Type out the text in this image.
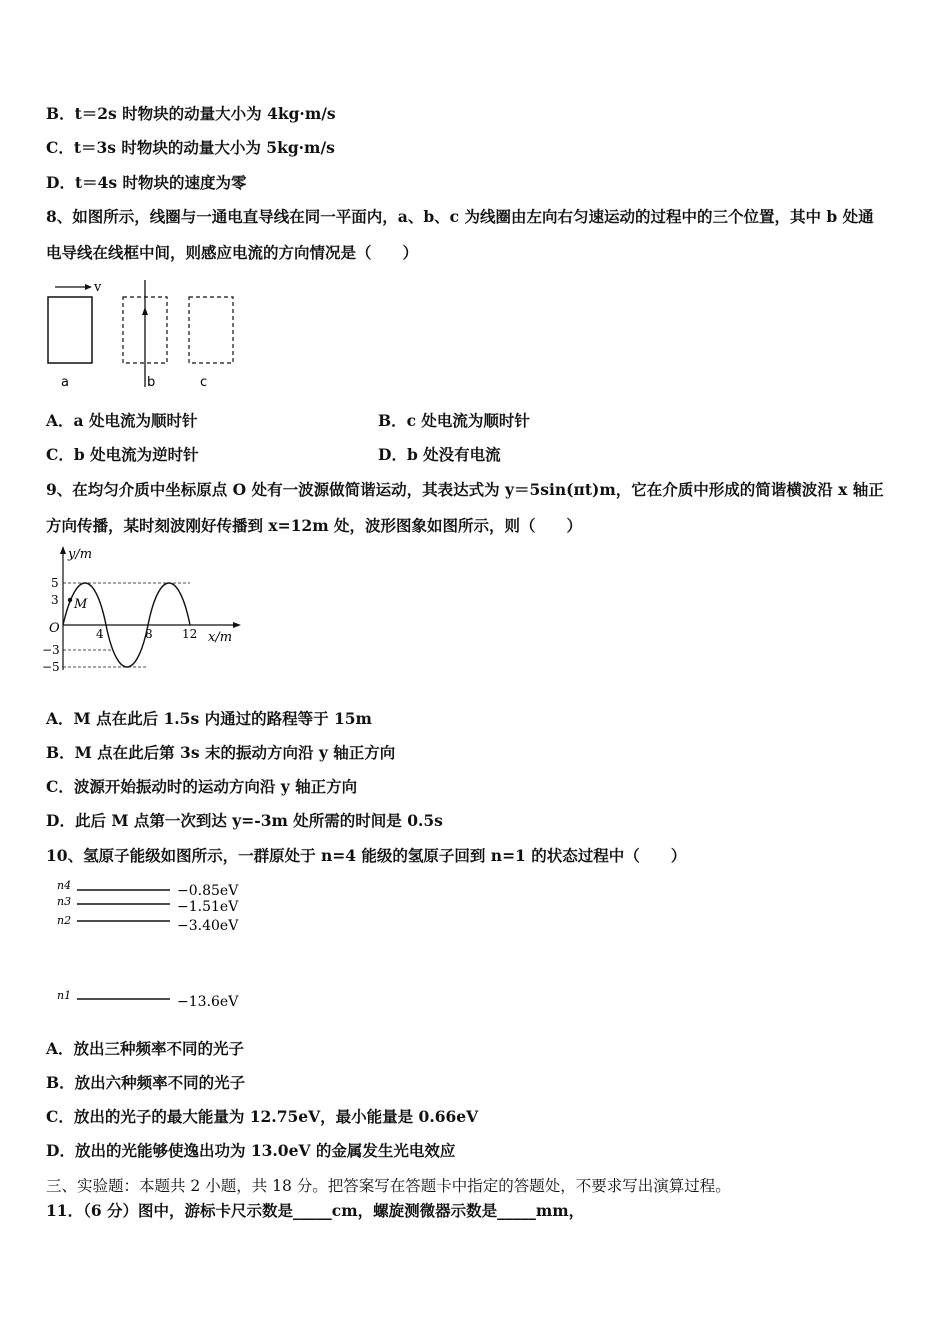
B．t＝2s 时物块的动量大小为 4kg·m/s
C．t＝3s 时物块的动量大小为 5kg·m/s
D．t＝4s 时物块的速度为零
8、如图所示，线圈与一通电直导线在同一平面内，a、b、c 为线圈由左向右匀速运动的过程中的三个位置，其中 b 处通
电导线在线框中间，则感应电流的方向情况是（　　）
v
a	b	c
A．a 处电流为顺时针	B．c 处电流为顺时针
C．b 处电流为逆时针	D．b 处没有电流
9、在均匀介质中坐标原点 O 处有一波源做简谐运动，其表达式为 y＝5sin(πt)m，它在介质中形成的简谐横波沿 x 轴正
方向传播，某时刻波刚好传播到 x=12m 处，波形图象如图所示，则（　　）
y/m
x/m
O
5
3
−3
−5
4	8 12
M
A．M 点在此后 1.5s 内通过的路程等于 15m
B．M 点在此后第 3s 末的振动方向沿 y 轴正方向
C．波源开始振动时的运动方向沿 y 轴正方向
D．此后 M 点第一次到达 y=-3m 处所需的时间是 0.5s
10、氢原子能级如图所示，一群原处于 n=4 能级的氢原子回到 n=1 的状态过程中（　　）
n4	−0.85eV
n3	−1.51eV
n2	−3.40eV
n1	−13.6eV
A．放出三种频率不同的光子
B．放出六种频率不同的光子
C．放出的光子的最大能量为 12.75eV，最小能量是 0.66eV
D．放出的光能够使逸出功为 13.0eV 的金属发生光电效应
三、实验题：本题共 2 小题，共 18 分。把答案写在答题卡中指定的答题处，不要求写出演算过程。
11．（6 分）图中，游标卡尺示数是_____cm，螺旋测微器示数是_____mm，
